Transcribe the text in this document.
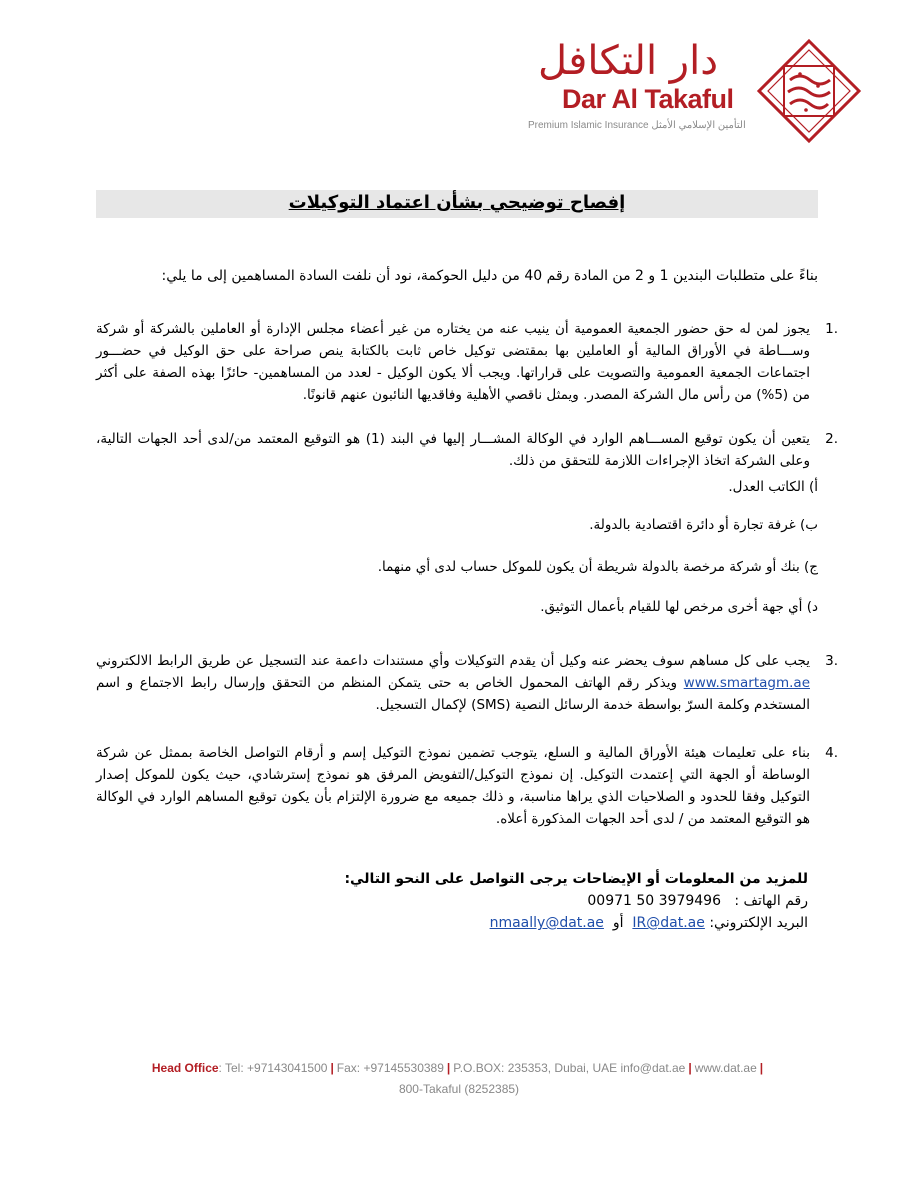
دار التكافل
Dar Al Takaful
Premium Islamic Insurance التأمين الإسلامي الأمثل
إفصاح توضيحي بشأن اعتماد التوكيلات
بناءً على متطلبات البندين 1 و 2 من المادة رقم 40 من دليل الحوكمة، نود أن نلفت السادة المساهمين إلى ما يلي:
1.
يجوز لمن له حق حضور الجمعية العمومية أن ينيب عنه من يختاره من غير أعضاء مجلس الإدارة أو العاملين بالشركة أو شركة وســـاطة في الأوراق المالية أو العاملين بها بمقتضى توكيل خاص ثابت بالكتابة ينص صراحة على حق الوكيل في حضـــور اجتماعات الجمعية العمومية والتصويت على قراراتها. ويجب ألا يكون الوكيل - لعدد من المساهمين- حائزًا بهذه الصفة على أكثر من (5%) من رأس مال الشركة المصدر. ويمثل ناقصي الأهلية وفاقديها النائبون عنهم قانونًا.
2.
يتعين أن يكون توقيع المســـاهم الوارد في الوكالة المشـــار إليها في البند (1) هو التوقيع المعتمد من/لدى أحد الجهات التالية، وعلى الشركة اتخاذ الإجراءات اللازمة للتحقق من ذلك.
أ) الكاتب العدل.
ب) غرفة تجارة أو دائرة اقتصادية بالدولة.
ج) بنك أو شركة مرخصة بالدولة شريطة أن يكون للموكل حساب لدى أي منهما.
د) أي جهة أخرى مرخص لها للقيام بأعمال التوثيق.
3.
يجب على كل مساهم سوف يحضر عنه وكيل أن يقدم التوكيلات وأي مستندات داعمة عند التسجيل عن طريق الرابط الالكتروني www.smartagm.ae ويذكر رقم الهاتف المحمول الخاص به حتى يتمكن المنظم من التحقق وإرسال رابط الاجتماع و اسم المستخدم وكلمة السرّ بواسطة خدمة الرسائل النصية (SMS) لإكمال التسجيل.
4.
بناء على تعليمات هيئة الأوراق المالية و السلع، يتوجب تضمين نموذج التوكيل إسم و أرقام التواصل الخاصة بممثل عن شركة الوساطة أو الجهة التي إعتمدت التوكيل. إن نموذج التوكيل/التفويض المرفق هو نموذج إسترشادي، حيث يكون للموكل إصدار التوكيل وفقا للحدود و الصلاحيات الذي يراها مناسبة، و ذلك جميعه مع ضرورة الإلتزام بأن يكون توقيع المساهم الوارد في الوكالة هو التوقيع المعتمد من / لدى أحد الجهات المذكورة أعلاه.
للمزيد من المعلومات أو الإيضاحات يرجى التواصل على النحو التالي:
رقم الهاتف :   00971 50 3979496
البريد الإلكتروني: IR@dat.ae  أو  nmaally@dat.ae
Head Office: Tel: +97143041500 | Fax: +97145530389 | P.O.BOX: 235353, Dubai, UAE info@dat.ae | www.dat.ae |
800-Takaful (8252385)
